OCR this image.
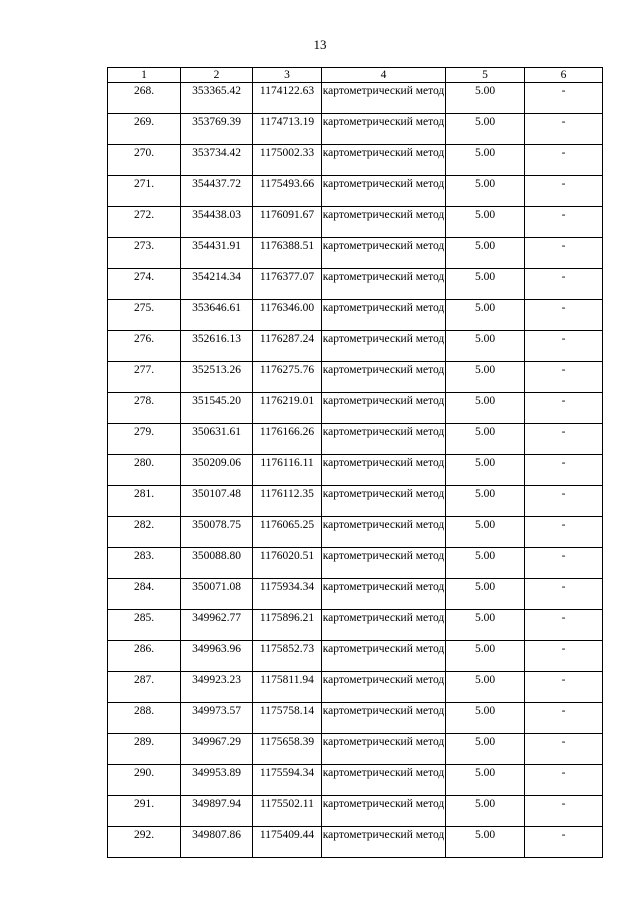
13
1	2	3	4	5	6
268.	353365.42	1174122.63	картометрический метод	5.00	-
269.	353769.39	1174713.19	картометрический метод	5.00	-
270.	353734.42	1175002.33	картометрический метод	5.00	-
271.	354437.72	1175493.66	картометрический метод	5.00	-
272.	354438.03	1176091.67	картометрический метод	5.00	-
273.	354431.91	1176388.51	картометрический метод	5.00	-
274.	354214.34	1176377.07	картометрический метод	5.00	-
275.	353646.61	1176346.00	картометрический метод	5.00	-
276.	352616.13	1176287.24	картометрический метод	5.00	-
277.	352513.26	1176275.76	картометрический метод	5.00	-
278.	351545.20	1176219.01	картометрический метод	5.00	-
279.	350631.61	1176166.26	картометрический метод	5.00	-
280.	350209.06	1176116.11	картометрический метод	5.00	-
281.	350107.48	1176112.35	картометрический метод	5.00	-
282.	350078.75	1176065.25	картометрический метод	5.00	-
283.	350088.80	1176020.51	картометрический метод	5.00	-
284.	350071.08	1175934.34	картометрический метод	5.00	-
285.	349962.77	1175896.21	картометрический метод	5.00	-
286.	349963.96	1175852.73	картометрический метод	5.00	-
287.	349923.23	1175811.94	картометрический метод	5.00	-
288.	349973.57	1175758.14	картометрический метод	5.00	-
289.	349967.29	1175658.39	картометрический метод	5.00	-
290.	349953.89	1175594.34	картометрический метод	5.00	-
291.	349897.94	1175502.11	картометрический метод	5.00	-
292.	349807.86	1175409.44	картометрический метод	5.00	-
